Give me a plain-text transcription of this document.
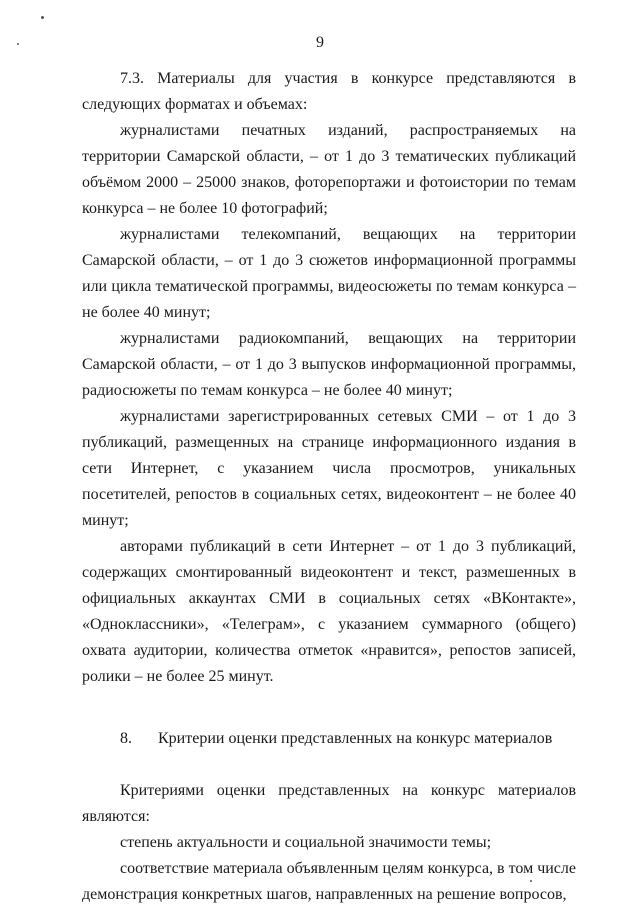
9

7.3. Материалы для участия в конкурсе представляются в следующих форматах и объемах:

журналистами печатных изданий, распространяемых на территории Самарской области, – от 1 до 3 тематических публикаций объёмом 2000 – 25000 знаков, фоторепортажи и фотоистории по темам конкурса – не более 10 фотографий;

журналистами телекомпаний, вещающих на территории Самарской области, – от 1 до 3 сюжетов информационной программы или цикла тематической программы, видеосюжеты по темам конкурса – не более 40 минут;

журналистами радиокомпаний, вещающих на территории Самарской области, – от 1 до 3 выпусков информационной программы, радиосюжеты по темам конкурса – не более 40 минут;

журналистами зарегистрированных сетевых СМИ – от 1 до 3 публикаций, размещенных на странице информационного издания в сети Интернет, с указанием числа просмотров, уникальных посетителей, репостов в социальных сетях, видеоконтент – не более 40 минут;

авторами публикаций в сети Интернет – от 1 до 3 публикаций, содержащих смонтированный видеоконтент и текст, размешенных в официальных аккаунтах СМИ в социальных сетях «ВКонтакте», «Одноклассники», «Телеграм», с указанием суммарного (общего) охвата аудитории, количества отметок «нравится», репостов записей, ролики – не более 25 минут.

8. Критерии оценки представленных на конкурс материалов

Критериями оценки представленных на конкурс материалов являются:

степень актуальности и социальной значимости темы;

соответствие материала объявленным целям конкурса, в том числе демонстрация конкретных шагов, направленных на решение вопросов,
